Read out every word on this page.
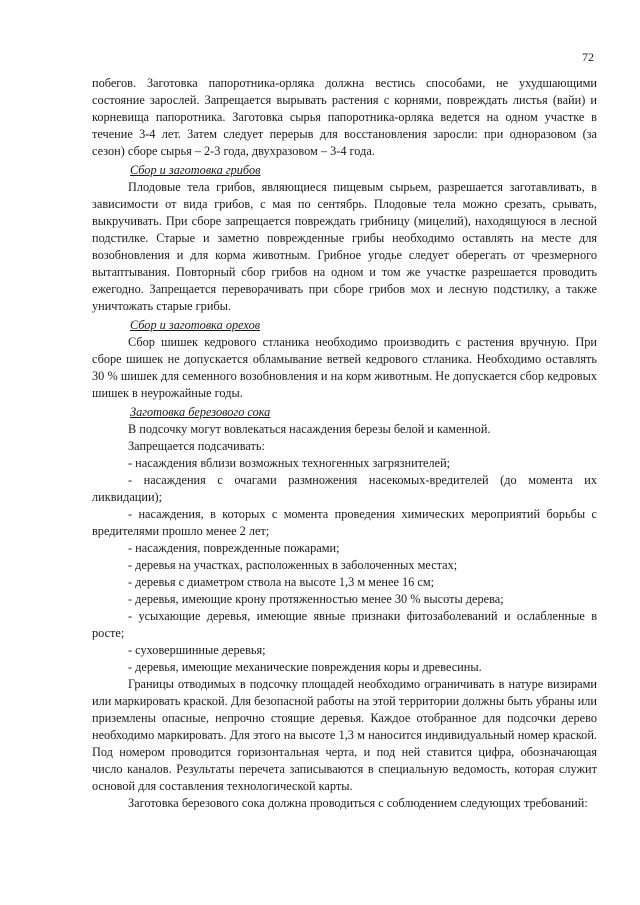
72

побегов. Заготовка папоротника-орляка должна вестись способами, не ухудшающими состояние зарослей. Запрещается вырывать растения с корнями, повреждать листья (вайи) и корневища папоротника. Заготовка сырья папоротника-орляка ведется на одном участке в течение 3-4 лет. Затем следует перерыв для восстановления заросли: при одноразовом (за сезон) сборе сырья – 2-3 года, двухразовом – 3-4 года.

Сбор и заготовка грибов

Плодовые тела грибов, являющиеся пищевым сырьем, разрешается заготавливать, в зависимости от вида грибов, с мая по сентябрь. Плодовые тела можно срезать, срывать, выкручивать. При сборе запрещается повреждать грибницу (мицелий), находящуюся в лесной подстилке. Старые и заметно поврежденные грибы необходимо оставлять на месте для возобновления и для корма животным. Грибное угодье следует оберегать от чрезмерного вытаптывания. Повторный сбор грибов на одном и том же участке разрешается проводить ежегодно. Запрещается переворачивать при сборе грибов мох и лесную подстилку, а также уничтожать старые грибы.

Сбор и заготовка орехов

Сбор шишек кедрового стланика необходимо производить с растения вручную. При сборе шишек не допускается обламывание ветвей кедрового стланика. Необходимо оставлять 30 % шишек для семенного возобновления и на корм животным. Не допускается сбор кедровых шишек в неурожайные годы.

Заготовка березового сока

В подсочку могут вовлекаться насаждения березы белой и каменной.

Запрещается подсачивать:

- насаждения вблизи возможных техногенных загрязнителей;

- насаждения с очагами размножения насекомых-вредителей (до момента их ликвидации);

- насаждения, в которых с момента проведения химических мероприятий борьбы с вредителями прошло менее 2 лет;

- насаждения, поврежденные пожарами;

- деревья на участках, расположенных в заболоченных местах;

- деревья с диаметром ствола на высоте 1,3 м менее 16 см;

- деревья, имеющие крону протяженностью менее 30 % высоты дерева;

- усыхающие деревья, имеющие явные признаки фитозаболеваний и ослабленные в росте;

- суховершинные деревья;

- деревья, имеющие механические повреждения коры и древесины.

Границы отводимых в подсочку площадей необходимо ограничивать в натуре визирами или маркировать краской. Для безопасной работы на этой территории должны быть убраны или приземлены опасные, непрочно стоящие деревья. Каждое отобранное для подсочки дерево необходимо маркировать. Для этого на высоте 1,3 м наносится индивидуальный номер краской. Под номером проводится горизонтальная черта, и под ней ставится цифра, обозначающая число каналов. Результаты перечета записываются в специальную ведомость, которая служит основой для составления технологической карты.

Заготовка березового сока должна проводиться с соблюдением следующих требований:
